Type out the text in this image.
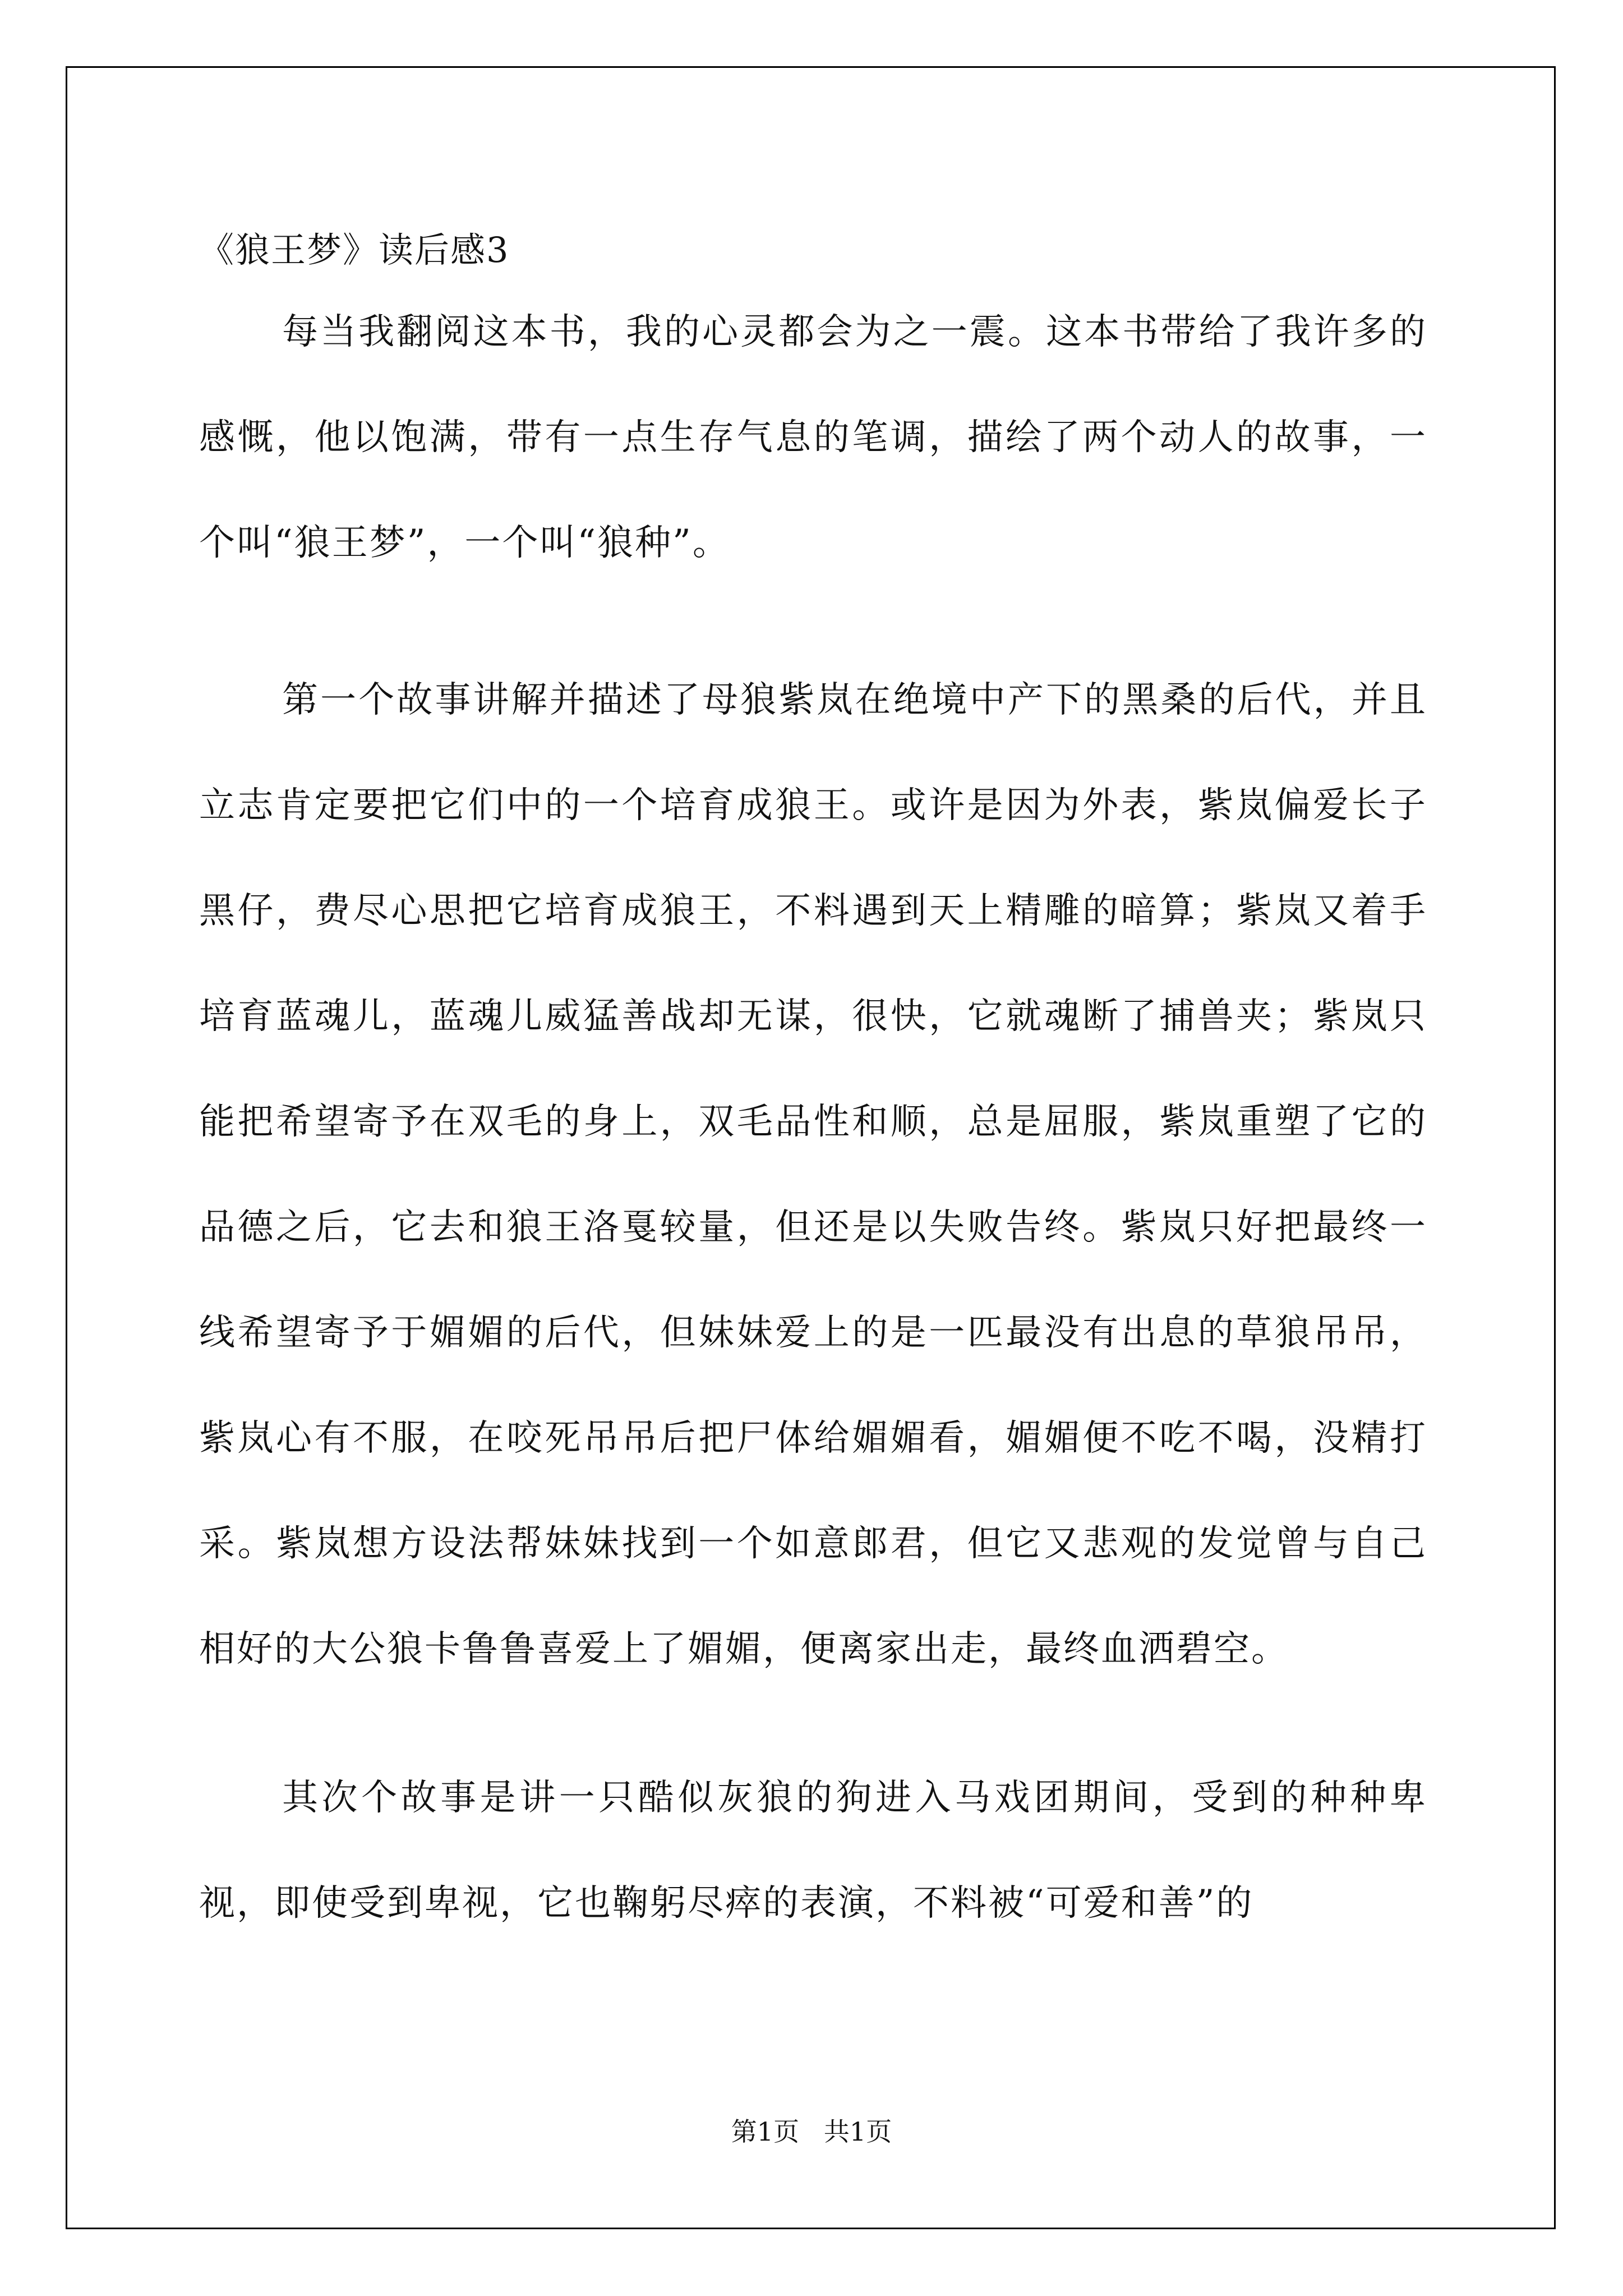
《狼王梦》读后感3

每当我翻阅这本书，我的心灵都会为之一震。这本书带给了我许多的感慨，他以饱满，带有一点生存气息的笔调，描绘了两个动人的故事，一个叫“狼王梦”，一个叫“狼种”。

第一个故事讲解并描述了母狼紫岚在绝境中产下的黑桑的后代，并且立志肯定要把它们中的一个培育成狼王。或许是因为外表，紫岚偏爱长子黑仔，费尽心思把它培育成狼王，不料遇到天上精雕的暗算；紫岚又着手培育蓝魂儿，蓝魂儿威猛善战却无谋，很快，它就魂断了捕兽夹；紫岚只能把希望寄予在双毛的身上，双毛品性和顺，总是屈服，紫岚重塑了它的品德之后，它去和狼王洛戛较量，但还是以失败告终。紫岚只好把最终一线希望寄予于媚媚的后代，但妹妹爱上的是一匹最没有出息的草狼吊吊，紫岚心有不服，在咬死吊吊后把尸体给媚媚看，媚媚便不吃不喝，没精打采。紫岚想方设法帮妹妹找到一个如意郎君，但它又悲观的发觉曾与自己相好的大公狼卡鲁鲁喜爱上了媚媚，便离家出走，最终血洒碧空。

其次个故事是讲一只酷似灰狼的狗进入马戏团期间，受到的种种卑视，即使受到卑视，它也鞠躬尽瘁的表演，不料被“可爱和善”的

第1页   共1页
